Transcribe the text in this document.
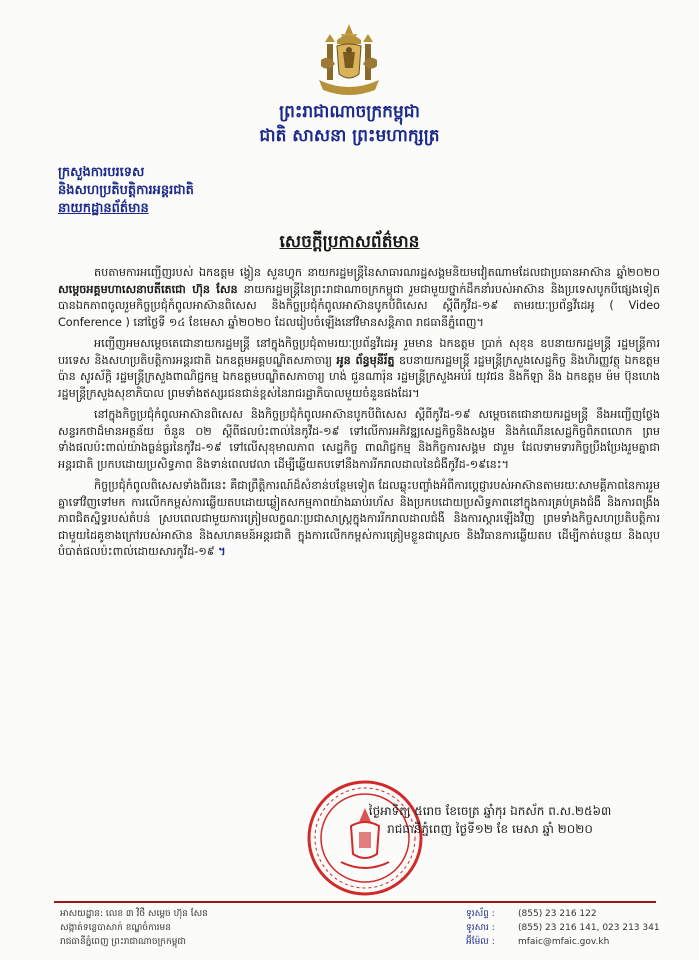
ព្រះរាជាណាចក្រកម្ពុជា
ជាតិ សាសនា ព្រះមហាក្សត្រ
ក្រសួងការបរទេស
និងសហប្រតិបត្តិការអន្តរជាតិ
នាយកដ្ឋានព័ត៌មាន
សេចក្តីប្រកាសព័ត៌មាន

តបតាមការអញ្ជើញរបស់ ឯកឧត្តម ង្វៀន សួនហ្វុក នាយករដ្ឋមន្ត្រីនៃសាធារណរដ្ឋសង្គមនិយមវៀតណាមដែលជាប្រធានអាស៊ាន ឆ្នាំ២០២០ សម្តេចអគ្គមហាសេនាបតីតេជោ ហ៊ុន សែន នាយករដ្ឋមន្ត្រីនៃព្រះរាជាណាចក្រកម្ពុជា រួមជាមួយថ្នាក់ដឹកនាំរបស់អាស៊ាន និងប្រទេសបូកបីផ្សេងទៀត បានឯកភាពចូលរួមកិច្ចប្រជុំកំពូលអាស៊ានពិសេស និងកិច្ចប្រជុំកំពូលអាស៊ានបូកបីពិសេស ស្តីពីកូវីដ-១៩ តាមរយៈប្រព័ន្ធវីដេអូ ( Video Conference ) នៅថ្ងៃទី ១៤ ខែមេសា ឆ្នាំ២០២០ ដែលរៀបចំឡើងនៅវិមានសន្តិភាព រាជធានីភ្នំពេញ។

អញ្ជើញអមសម្តេចតេជោនាយករដ្ឋមន្ត្រី នៅក្នុងកិច្ចប្រជុំតាមរយៈប្រព័ន្ធវីដេអូ រួមមាន ឯកឧត្តម ប្រាក់ សុខុន ឧបនាយករដ្ឋមន្ត្រី រដ្ឋមន្ត្រីការបរទេស និងសហប្រតិបត្តិការអន្តរជាតិ ឯកឧត្តមអគ្គបណ្ឌិតសភាចារ្យ អូន ព័ន្ធមុនីរ័ត្ន ឧបនាយករដ្ឋមន្ត្រី រដ្ឋមន្ត្រីក្រសួងសេដ្ឋកិច្ច និងហិរញ្ញវត្ថុ ឯកឧត្តម ប៉ាន សូរស័ក្តិ រដ្ឋមន្ត្រីក្រសួងពាណិជ្ជកម្ម ឯកឧត្តមបណ្ឌិតសភាចារ្យ ហង់ ជួនណារ៉ុន រដ្ឋមន្ត្រីក្រសួងអប់រំ យុវជន និងកីឡា និង ឯកឧត្តម ម៉ម ប៊ុនហេង រដ្ឋមន្ត្រីក្រសួងសុខាភិបាល ព្រមទាំងឥស្សរជនជាន់ខ្ពស់នៃរាជរដ្ឋាភិបាលមួយចំនួនផងដែរ។

នៅក្នុងកិច្ចប្រជុំកំពូលអាស៊ានពិសេស និងកិច្ចប្រជុំកំពូលអាស៊ានបូកបីពិសេស ស្តីពីកូវីដ-១៩ សម្តេចតេជោនាយករដ្ឋមន្ត្រី នឹងអញ្ជើញថ្លែងសន្ទរកថាដ៏មានអត្ថន័យ ចំនួន ០២ ស្តីពីផលប៉ះពាល់នៃកូវីដ-១៩ ទៅលើការអភិវឌ្ឍសេដ្ឋកិច្ចនិងសង្គម និងកំណើនសេដ្ឋកិច្ចពិភពលោក ព្រមទាំងផលប៉ះពាល់យ៉ាងធ្ងន់ធ្ងរនៃកូវីដ-១៩ ទៅលើសុខុមាលភាព សេដ្ឋកិច្ច ពាណិជ្ជកម្ម និងកិច្ចការសង្គម ជារួម ដែលទាមទារកិច្ចប្រឹងប្រែងរួមគ្នាជាអន្តរជាតិ ប្រកបដោយប្រសិទ្ធភាព និងទាន់ពេលវេលា ដើម្បីឆ្លើយតបទៅនឹងការរីករាលដាលនៃជំងឺកូវីដ-១៩នេះ។

កិច្ចប្រជុំកំពូលពិសេសទាំងពីរនេះ គឺជាព្រឹត្តិការណ៍ដ៏សំខាន់បន្ថែមទៀត ដែលឆ្លុះបញ្ចាំងអំពីការប្តេជ្ញារបស់អាស៊ានតាមរយៈសាមគ្គីភាពនៃការរួមគ្នាទៅវិញទៅមក ការលើកកម្ពស់ការឆ្លើយតបដោយឆ្លៀតសកម្មភាពយ៉ាងឆាប់រហ័ស និងប្រកបដោយប្រសិទ្ធភាពនៅក្នុងការគ្រប់គ្រងជំងឺ និងការពង្រឹងភាពជិតស្និទ្ធរបស់តំបន់ ស្របពេលជាមួយការត្រៀមលក្ខណៈប្រជាសាស្ត្រក្នុងការរីករាលដាលជំងឺ និងការស្តារឡើងវិញ ព្រមទាំងកិច្ចសហប្រតិបត្តិការជាមួយដៃគូខាងក្រៅរបស់អាស៊ាន និងសហគមន៍អន្តរជាតិ ក្នុងការលើកកម្ពស់ការត្រៀមខ្លួនជាស្រេច និងវិធានការឆ្លើយតប ដើម្បីកាត់បន្ថយ និងលុបបំបាត់ផលប៉ះពាល់ដោយសារកូវីដ-១៩ ។

ថ្ងៃអាទិត្យ ៥រោច ខែចេត្រ ឆ្នាំកុរ ឯកស័ក ព.ស.២៥៦៣
រាជធានីភ្នំពេញ ថ្ងៃទី១២ ខែ មេសា ឆ្នាំ ២០២០
អាសយដ្ឋាន: លេខ ៣ វិថី សម្តេច ហ៊ុន សែន
សង្កាត់ទន្លេបាសាក់ ខណ្ឌចំការមន
រាជធានីភ្នំពេញ ព្រះរាជាណាចក្រកម្ពុជា
ទូរស័ព្ទ :	(855) 23 216 122
ទូរសារ :	(855) 23 216 141, 023 213 341
អ៊ីម៉ែល :	mfaic@mfaic.gov.kh
